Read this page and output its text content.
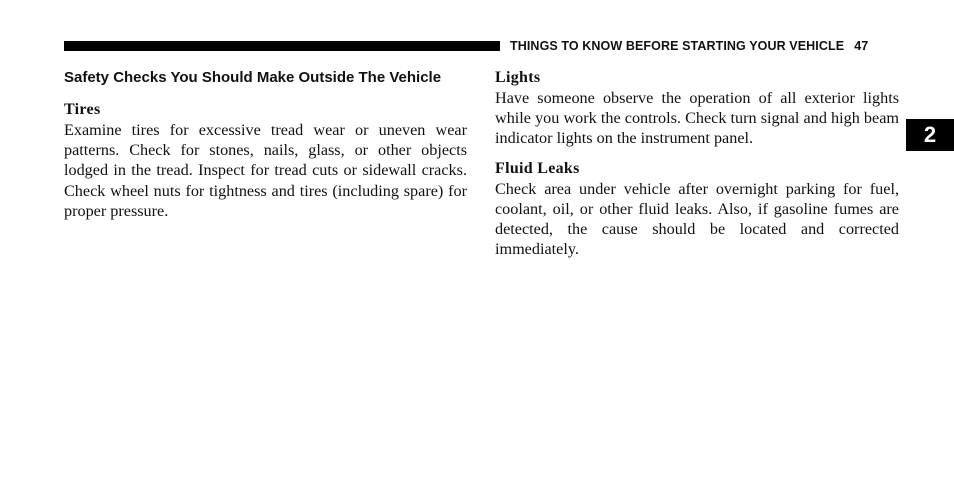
THINGS TO KNOW BEFORE STARTING YOUR VEHICLE 47
2
Safety Checks You Should Make Outside The Vehicle
Tires

Examine tires for excessive tread wear or uneven wear patterns. Check for stones, nails, glass, or other objects lodged in the tread. Inspect for tread cuts or sidewall cracks. Check wheel nuts for tightness and tires (including spare) for proper pressure.

Lights

Have someone observe the operation of all exterior lights while you work the controls. Check turn signal and high beam indicator lights on the instrument panel.

Fluid Leaks

Check area under vehicle after overnight parking for fuel, coolant, oil, or other fluid leaks. Also, if gasoline fumes are detected, the cause should be located and corrected immediately.
